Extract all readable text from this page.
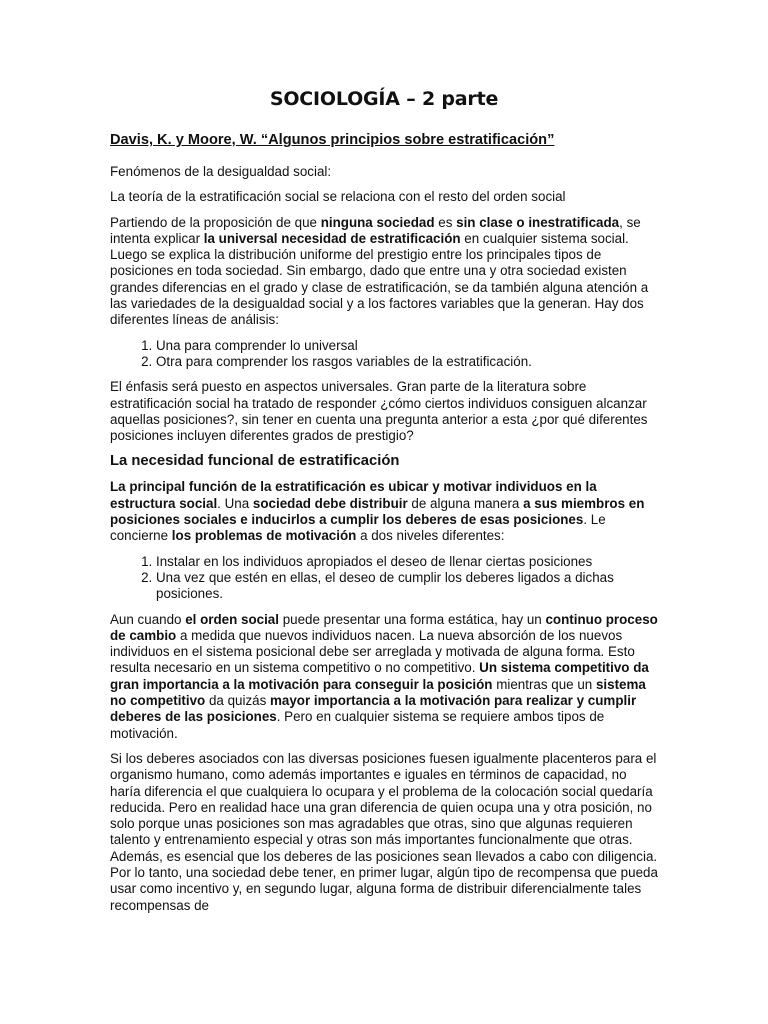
SOCIOLOGÍA – 2 parte
Davis, K. y Moore, W. “Algunos principios sobre estratificación”

Fenómenos de la desigualdad social:

La teoría de la estratificación social se relaciona con el resto del orden social

Partiendo de la proposición de que ninguna sociedad es sin clase o inestratificada, se intenta explicar la universal necesidad de estratificación en cualquier sistema social. Luego se explica la distribución uniforme del prestigio entre los principales tipos de posiciones en toda sociedad. Sin embargo, dado que entre una y otra sociedad existen grandes diferencias en el grado y clase de estratificación, se da también alguna atención a las variedades de la desigualdad social y a los factores variables que la generan. Hay dos diferentes líneas de análisis:

1. Una para comprender lo universal
2. Otra para comprender los rasgos variables de la estratificación.

El énfasis será puesto en aspectos universales. Gran parte de la literatura sobre estratificación social ha tratado de responder ¿cómo ciertos individuos consiguen alcanzar aquellas posiciones?, sin tener en cuenta una pregunta anterior a esta ¿por qué diferentes posiciones incluyen diferentes grados de prestigio?

La necesidad funcional de estratificación

La principal función de la estratificación es ubicar y motivar individuos en la estructura social. Una sociedad debe distribuir de alguna manera a sus miembros en posiciones sociales e inducirlos a cumplir los deberes de esas posiciones. Le concierne los problemas de motivación a dos niveles diferentes:

1. Instalar en los individuos apropiados el deseo de llenar ciertas posiciones
2. Una vez que estén en ellas, el deseo de cumplir los deberes ligados a dichas posiciones.

Aun cuando el orden social puede presentar una forma estática, hay un continuo proceso de cambio a medida que nuevos individuos nacen. La nueva absorción de los nuevos individuos en el sistema posicional debe ser arreglada y motivada de alguna forma. Esto resulta necesario en un sistema competitivo o no competitivo. Un sistema competitivo da gran importancia a la motivación para conseguir la posición mientras que un sistema no competitivo da quizás mayor importancia a la motivación para realizar y cumplir deberes de las posiciones. Pero en cualquier sistema se requiere ambos tipos de motivación.

Si los deberes asociados con las diversas posiciones fuesen igualmente placenteros para el organismo humano, como además importantes e iguales en términos de capacidad, no haría diferencia el que cualquiera lo ocupara y el problema de la colocación social quedaría reducida. Pero en realidad hace una gran diferencia de quien ocupa una y otra posición, no solo porque unas posiciones son mas agradables que otras, sino que algunas requieren talento y entrenamiento especial y otras son más importantes funcionalmente que otras. Además, es esencial que los deberes de las posiciones sean llevados a cabo con diligencia. Por lo tanto, una sociedad debe tener, en primer lugar, algún tipo de recompensa que pueda usar como incentivo y, en segundo lugar, alguna forma de distribuir diferencialmente tales recompensas de
